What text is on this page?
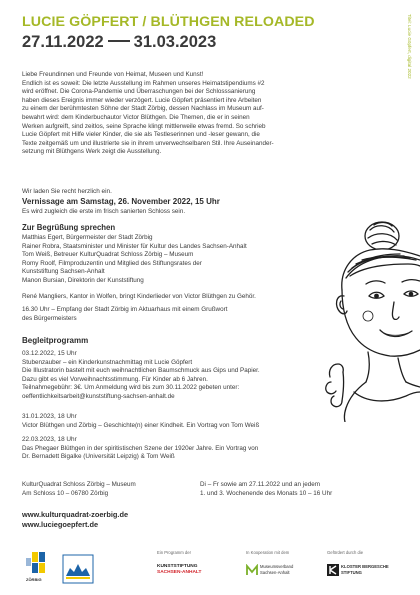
LUCIE GÖPFERT / BLÜTHGEN RELOADED
27.11.2022 31.03.2023	Titel: Lucie Göpfert, digital 2022

Liebe Freundinnen und Freunde von Heimat, Museen und Kunst!

Endlich ist es soweit: Die letzte Ausstellung im Rahmen unseres Heimatstipendiums #2

wird eröffnet. Die Corona-Pandemie und Überraschungen bei der Schlosssanierung

haben dieses Ereignis immer wieder verzögert. Lucie Göpfert präsentiert ihre Arbeiten

zu einem der berühmtesten Söhne der Stadt Zörbig, dessen Nachlass im Museum auf-

bewahrt wird: dem Kinderbuchautor Victor Blüthgen. Die Themen, die er in seinen

Werken aufgreift, sind zeitlos, seine Sprache klingt mittlerweile etwas fremd. So schrieb

Lucie Göpfert mit Hilfe vieler Kinder, die sie als Testleserinnen und -leser gewann, die

Texte zeitgemäß um und illustrierte sie in ihrem unverwechselbaren Stil. Ihre Auseinander-

setzung mit Blüthgens Werk zeigt die Ausstellung.

Wir laden Sie recht herzlich ein.
Vernissage am Samstag, 26. November 2022, 15 Uhr
Es wird zugleich die erste im frisch sanierten Schloss sein.
Zur Begrüßung sprechen

Matthias Egert, Bürgermeister der Stadt Zörbig

Rainer Robra, Staatsminister und Minister für Kultur des Landes Sachsen-Anhalt

Tom Weiß, Betreuer KulturQuadrat Schloss Zörbig – Museum

Romy Roolf, Filmproduzentin und Mitglied des Stiftungsrates der

Kunststiftung Sachsen-Anhalt

Manon Bursian, Direktorin der Kunststiftung

René Mangliers, Kantor in Wolfen, bringt Kinderlieder von Victor Blüthgen zu Gehör.

16.30 Uhr – Empfang der Stadt Zörbig im Aktuarhaus mit einem Grußwort

des Bürgermeisters

Begleitprogramm

03.12.2022, 15 Uhr

Stubenzauber – ein Kinderkunstnachmittag mit Lucie Göpfert

Die Illustratorin bastelt mit euch weihnachtlichen Baumschmuck aus Gips und Papier.

Dazu gibt es viel Vorweihnachtsstimmung. Für Kinder ab 6 Jahren.

Teilnahmegebühr: 3€. Um Anmeldung wird bis zum 30.11.2022 gebeten unter:

oeffentlichkeitsarbeit@kunststiftung-sachsen-anhalt.de

31.01.2023, 18 Uhr

Victor Blüthgen und Zörbig – Geschichte(n) einer Kindheit. Ein Vortrag von Tom Weiß

22.03.2023, 18 Uhr

Das Phegaer Blüthgen in der spiritistischen Szene der 1920er Jahre. Ein Vortrag von

Dr. Bernadett Bigalke (Universität Leipzig) & Tom Weiß

KulturQuadrat Schloss Zörbig – Museum

Am Schloss 10 – 06780 Zörbig

Di – Fr sowie am 27.11.2022 und an jedem

1. und 3. Wochenende des Monats 10 – 16 Uhr

www.kulturquadrat-zoerbig.de

www.luciegoepfert.de

ZÖRBIG
Ein Programm der

KUNSTSTIFTUNG

SACHSEN-ANHALT

In Kooperation mit dem

Museumsverband

Sachsen-Anhalt

Gefördert durch die

KLOSTER BERGESCHE

STIFTUNG
